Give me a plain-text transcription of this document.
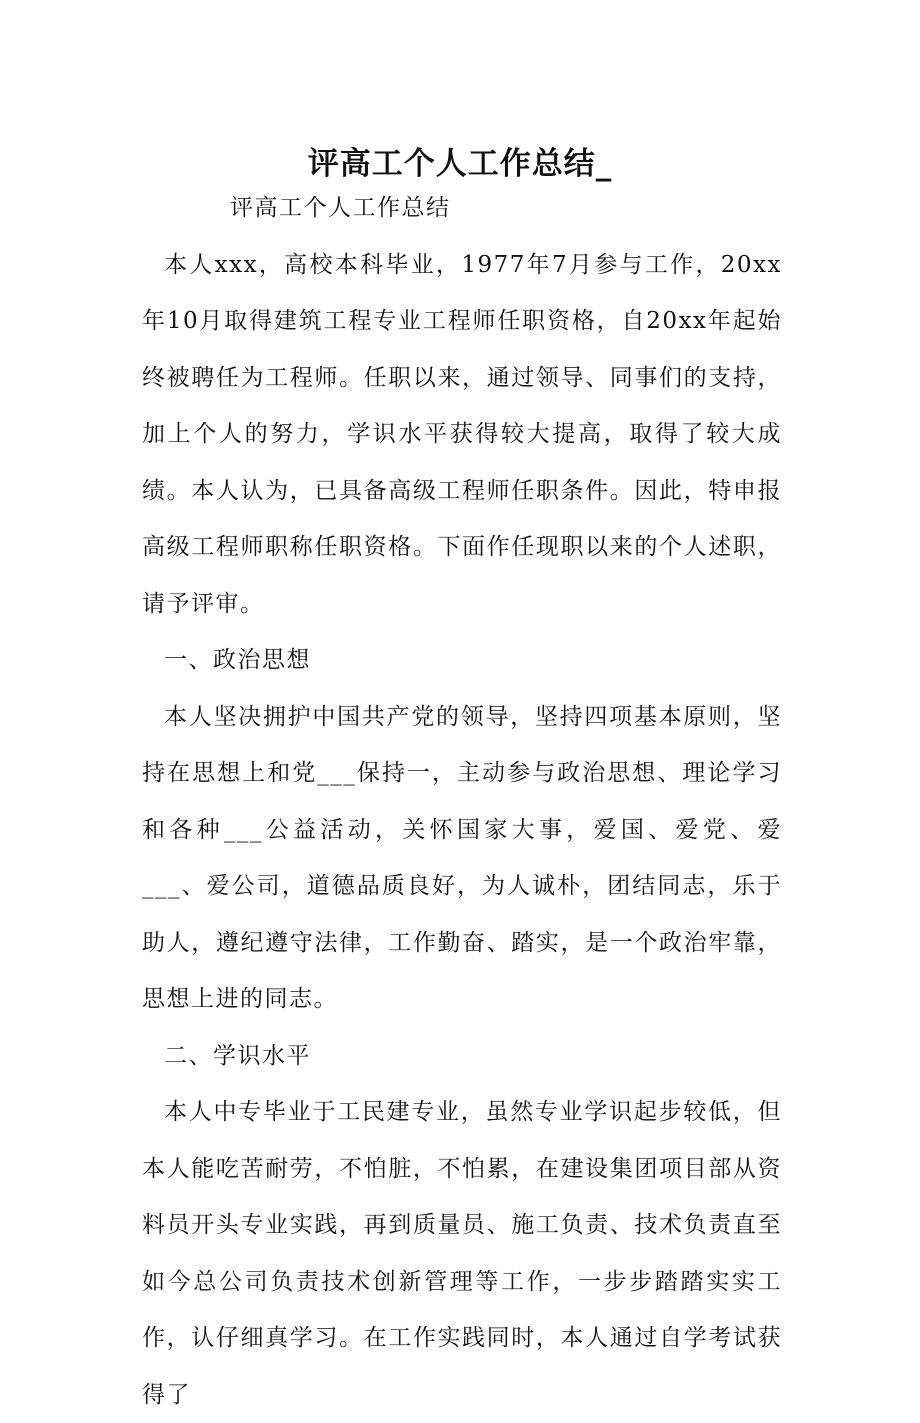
评高工个人工作总结_

评高工个人工作总结

本人xxx，高校本科毕业，1977年7月参与工作，20xx年10月取得建筑工程专业工程师任职资格，自20xx年起始终被聘任为工程师。任职以来，通过领导、同事们的支持，加上个人的努力，学识水平获得较大提高，取得了较大成绩。本人认为，已具备高级工程师任职条件。因此，特申报高级工程师职称任职资格。下面作任现职以来的个人述职，请予评审。

一、政治思想

本人坚决拥护中国共产党的领导，坚持四项基本原则，坚持在思想上和党___保持一，主动参与政治思想、理论学习和各种___公益活动，关怀国家大事，爱国、爱党、爱___、爱公司，道德品质良好，为人诚朴，团结同志，乐于助人，遵纪遵守法律，工作勤奋、踏实，是一个政治牢靠，思想上进的同志。

二、学识水平

本人中专毕业于工民建专业，虽然专业学识起步较低，但本人能吃苦耐劳，不怕脏，不怕累，在建设集团项目部从资料员开头专业实践，再到质量员、施工负责、技术负责直至如今总公司负责技术创新管理等工作，一步步踏踏实实工作，认仔细真学习。在工作实践同时，本人通过自学考试获得了
